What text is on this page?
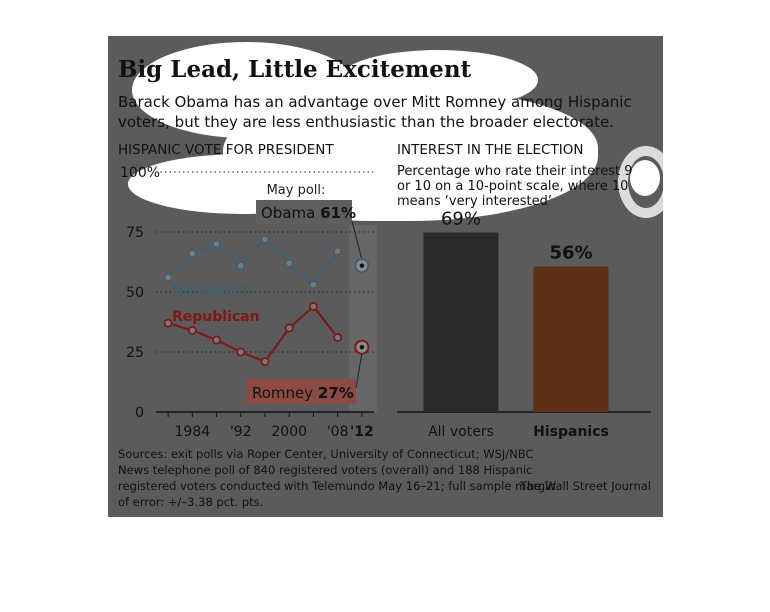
Big Lead, Little Excitement
Barack Obama has an advantage over Mitt Romney among Hispanic voters, but they are less enthusiastic than the broader electorate.
HISPANIC VOTE FOR PRESIDENT	INTEREST IN THE ELECTION
Percentage who rate their interest 9 or 10 on a 10-point scale, where 10 means ‘very interested’
0
25
50
75
100%
1984 '92 2000 '08 '12
Democrat
Republican
May poll:
Obama 61%
Romney 27%
69%
All voters
56%
Hispanics
Sources: exit polls via Roper Center, University of Connecticut; WSJ/NBC News telephone poll of 840 registered voters (overall) and 188 Hispanic registered voters conducted with Telemundo May 16–21; full sample margin of error: +/–3.38 pct. pts.
The Wall Street Journal
